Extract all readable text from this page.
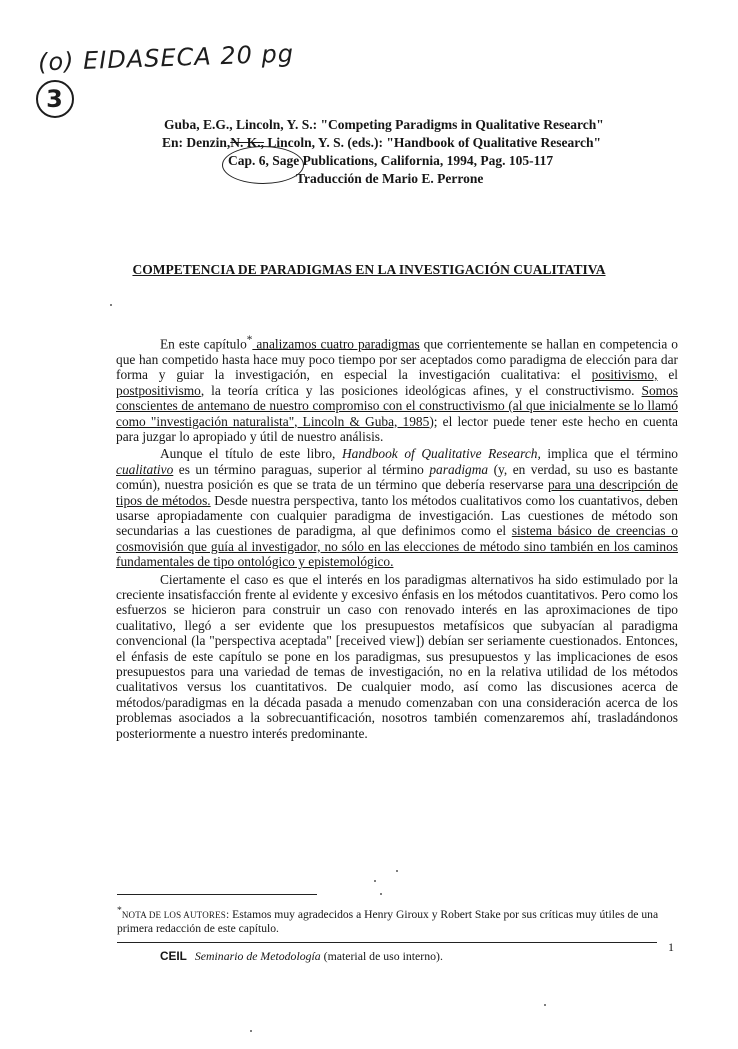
(o) EIDASECA 20 pg
3
Guba, E.G., Lincoln, Y. S.: "Competing Paradigms in Qualitative Research"
En: Denzin,N. K., Lincoln, Y. S. (eds.): "Handbook of Qualitative Research"
Cap. 6, Sage Publications, California, 1994, Pag. 105-117
Traducción de Mario E. Perrone
COMPETENCIA DE PARADIGMAS EN LA INVESTIGACIÓN CUALITATIVA

En este capítulo* analizamos cuatro paradigmas que corrientemente se hallan en competencia o que han competido hasta hace muy poco tiempo por ser aceptados como paradigma de elección para dar forma y guiar la investigación, en especial la investigación cualitativa: el positivismo, el postpositivismo, la teoría crítica y las posiciones ideológicas afines, y el constructivismo. Somos conscientes de antemano de nuestro compromiso con el constructivismo (al que inicialmente se lo llamó como "investigación naturalista", Lincoln & Guba, 1985); el lector puede tener este hecho en cuenta para juzgar lo apropiado y útil de nuestro análisis.

Aunque el título de este libro, Handbook of Qualitative Research, implica que el término cualitativo es un término paraguas, superior al término paradigma (y, en verdad, su uso es bastante común), nuestra posición es que se trata de un término que debería reservarse para una descripción de tipos de métodos. Desde nuestra perspectiva, tanto los métodos cualitativos como los cuantativos, deben usarse apropiadamente con cualquier paradigma de investigación. Las cuestiones de método son secundarias a las cuestiones de paradigma, al que definimos como el sistema básico de creencias o cosmovisión que guía al investigador, no sólo en las elecciones de método sino también en los caminos fundamentales de tipo ontológico y epistemológico.

Ciertamente el caso es que el interés en los paradigmas alternativos ha sido estimulado por la creciente insatisfacción frente al evidente y excesivo énfasis en los métodos cuantitativos. Pero como los esfuerzos se hicieron para construir un caso con renovado interés en las aproximaciones de tipo cualitativo, llegó a ser evidente que los presupuestos metafísicos que subyacían al paradigma convencional (la "perspectiva aceptada" [received view]) debían ser seriamente cuestionados. Entonces, el énfasis de este capítulo se pone en los paradigmas, sus presupuestos y las implicaciones de esos presupuestos para una variedad de temas de investigación, no en la relativa utilidad de los métodos cualitativos versus los cuantitativos. De cualquier modo, así como las discusiones acerca de métodos/paradigmas en la década pasada a menudo comenzaban con una consideración acerca de los problemas asociados a la sobrecuantificación, nosotros también comenzaremos ahí, trasladándonos posteriormente a nuestro interés predominante.

*NOTA DE LOS AUTORES: Estamos muy agradecidos a Henry Giroux y Robert Stake por sus críticas muy útiles de una primera redacción de este capítulo.
CEIL Seminario de Metodología (material de uso interno).
1
